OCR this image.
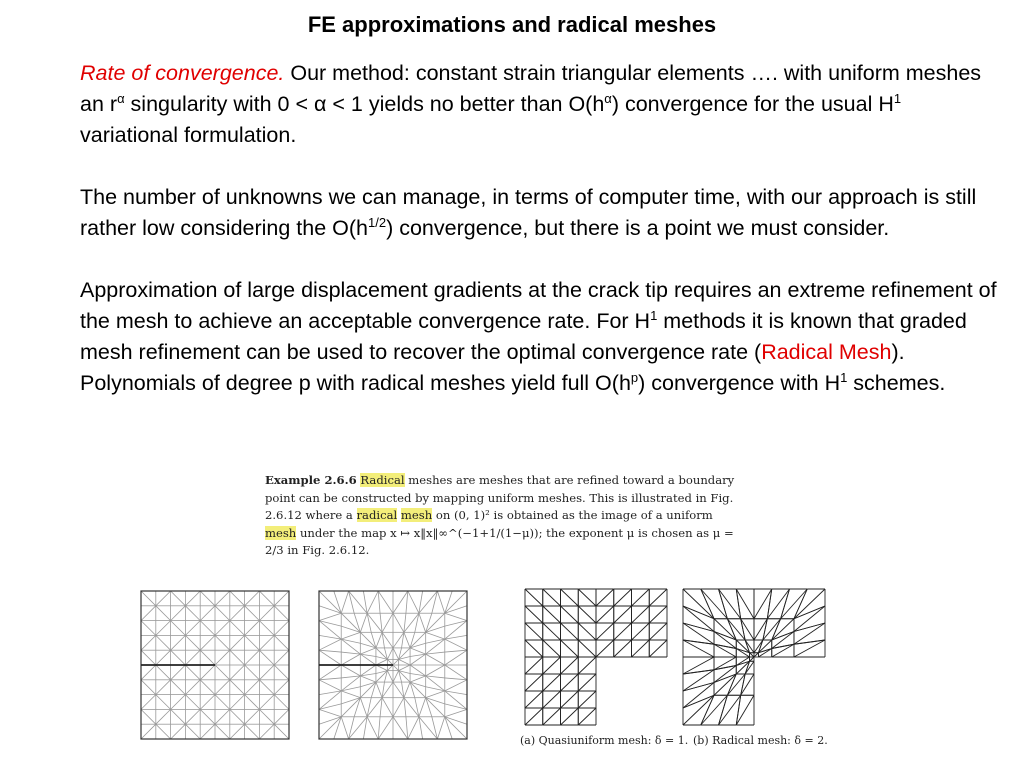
FE approximations and radical meshes

Rate of convergence. Our method: constant strain triangular elements …. with uniform meshes an $r^\alpha$ singularity with 0 < α < 1 yields no better than $O(h^\alpha)$ convergence for the usual $H^1$ variational formulation.

The number of unknowns we can manage, in terms of computer time, with our approach is still rather low considering the $O(h^{1/2})$ convergence, but there is a point we must consider.

Approximation of large displacement gradients at the crack tip requires an extreme refinement of the mesh to achieve an acceptable convergence rate. For $H^1$ methods it is known that graded mesh refinement can be used to recover the optimal convergence rate (Radical Mesh). Polynomials of degree p with radical meshes yield full $O(h^p)$ convergence with $H^1$ schemes.

Example 2.6.6 Radical meshes are meshes that are refined toward a boundary point can be constructed by mapping uniform meshes. This is illustrated in Fig. 2.6.12 where a radical mesh on (0, 1)² is obtained as the image of a uniform mesh under the map x ↦ x‖x‖∞^(−1+1/(1−μ)); the exponent μ is chosen as μ = 2/3 in Fig. 2.6.12.
(a) Quasiuniform mesh: δ = 1. (b) Radical mesh: δ = 2.
